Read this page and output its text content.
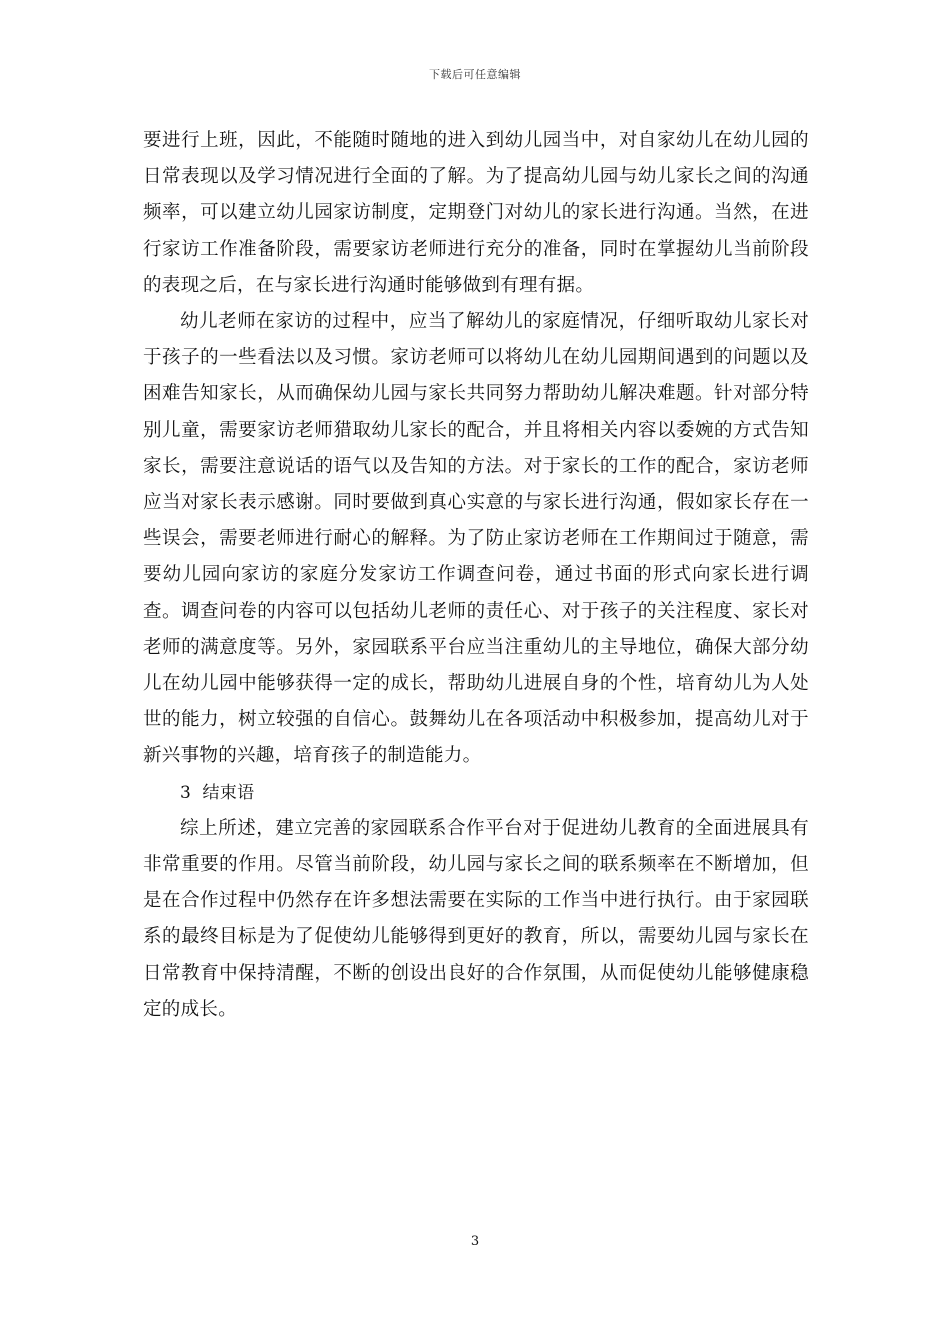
下载后可任意编辑

要进行上班，因此，不能随时随地的进入到幼儿园当中，对自家幼儿在幼儿园的日常表现以及学习情况进行全面的了解。为了提高幼儿园与幼儿家长之间的沟通频率，可以建立幼儿园家访制度，定期登门对幼儿的家长进行沟通。当然，在进行家访工作准备阶段，需要家访老师进行充分的准备，同时在掌握幼儿当前阶段的表现之后，在与家长进行沟通时能够做到有理有据。

幼儿老师在家访的过程中，应当了解幼儿的家庭情况，仔细听取幼儿家长对于孩子的一些看法以及习惯。家访老师可以将幼儿在幼儿园期间遇到的问题以及困难告知家长，从而确保幼儿园与家长共同努力帮助幼儿解决难题。针对部分特别儿童，需要家访老师猎取幼儿家长的配合，并且将相关内容以委婉的方式告知家长，需要注意说话的语气以及告知的方法。对于家长的工作的配合，家访老师应当对家长表示感谢。同时要做到真心实意的与家长进行沟通，假如家长存在一些误会，需要老师进行耐心的解释。为了防止家访老师在工作期间过于随意，需要幼儿园向家访的家庭分发家访工作调查问卷，通过书面的形式向家长进行调查。调查问卷的内容可以包括幼儿老师的责任心、对于孩子的关注程度、家长对老师的满意度等。另外，家园联系平台应当注重幼儿的主导地位，确保大部分幼儿在幼儿园中能够获得一定的成长，帮助幼儿进展自身的个性，培育幼儿为人处世的能力，树立较强的自信心。鼓舞幼儿在各项活动中积极参加，提高幼儿对于新兴事物的兴趣，培育孩子的制造能力。

3  结束语

综上所述，建立完善的家园联系合作平台对于促进幼儿教育的全面进展具有非常重要的作用。尽管当前阶段，幼儿园与家长之间的联系频率在不断增加，但是在合作过程中仍然存在许多想法需要在实际的工作当中进行执行。由于家园联系的最终目标是为了促使幼儿能够得到更好的教育，所以，需要幼儿园与家长在日常教育中保持清醒，不断的创设出良好的合作氛围，从而促使幼儿能够健康稳定的成长。

3
